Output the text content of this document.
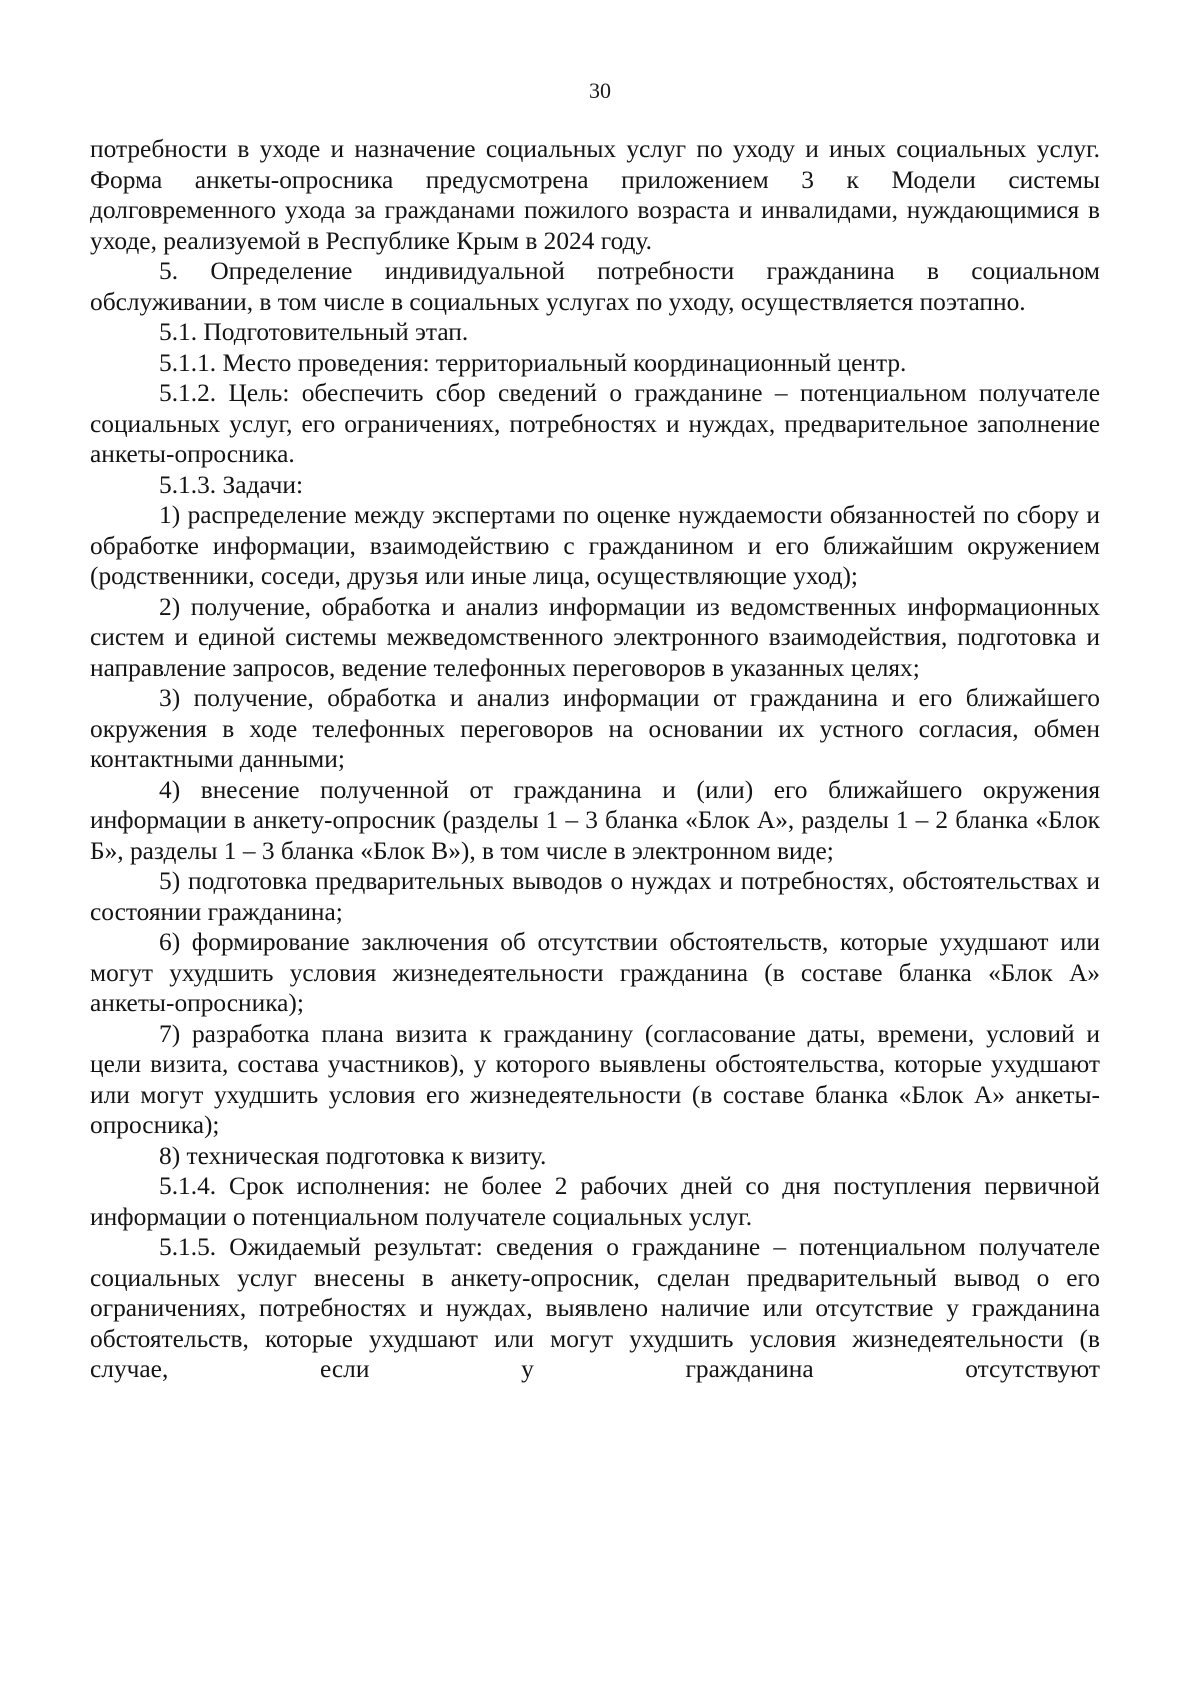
30

потребности в уходе и назначение социальных услуг по уходу и иных социальных услуг. Форма анкеты-опросника предусмотрена приложением 3 к Модели системы долговременного ухода за гражданами пожилого возраста и инвалидами, нуждающимися в уходе, реализуемой в Республике Крым в 2024 году.

5. Определение индивидуальной потребности гражданина в социальном обслуживании, в том числе в социальных услугах по уходу, осуществляется поэтапно.

5.1. Подготовительный этап.

5.1.1. Место проведения: территориальный координационный центр.

5.1.2. Цель: обеспечить сбор сведений о гражданине – потенциальном получателе социальных услуг, его ограничениях, потребностях и нуждах, предварительное заполнение анкеты-опросника.

5.1.3. Задачи:

1) распределение между экспертами по оценке нуждаемости обязанностей по сбору и обработке информации, взаимодействию с гражданином и его ближайшим окружением (родственники, соседи, друзья или иные лица, осуществляющие уход);

2) получение, обработка и анализ информации из ведомственных информационных систем и единой системы межведомственного электронного взаимодействия, подготовка и направление запросов, ведение телефонных переговоров в указанных целях;

3) получение, обработка и анализ информации от гражданина и его ближайшего окружения в ходе телефонных переговоров на основании их устного согласия, обмен контактными данными;

4) внесение полученной от гражданина и (или) его ближайшего окружения информации в анкету-опросник (разделы 1 – 3 бланка «Блок А», разделы 1 – 2 бланка «Блок Б», разделы 1 – 3 бланка «Блок В»), в том числе в электронном виде;

5) подготовка предварительных выводов о нуждах и потребностях, обстоятельствах и состоянии гражданина;

6) формирование заключения об отсутствии обстоятельств, которые ухудшают или могут ухудшить условия жизнедеятельности гражданина (в составе бланка «Блок А» анкеты-опросника);

7) разработка плана визита к гражданину (согласование даты, времени, условий и цели визита, состава участников), у которого выявлены обстоятельства, которые ухудшают или могут ухудшить условия его жизнедеятельности (в составе бланка «Блок А» анкеты-опросника);

8) техническая подготовка к визиту.

5.1.4. Срок исполнения: не более 2 рабочих дней со дня поступления первичной информации о потенциальном получателе социальных услуг.

5.1.5. Ожидаемый результат: сведения о гражданине – потенциальном получателе социальных услуг внесены в анкету-опросник, сделан предварительный вывод о его ограничениях, потребностях и нуждах, выявлено наличие или отсутствие у гражданина обстоятельств, которые ухудшают или могут ухудшить условия жизнедеятельности (в случае, если у гражданина отсутствуют
